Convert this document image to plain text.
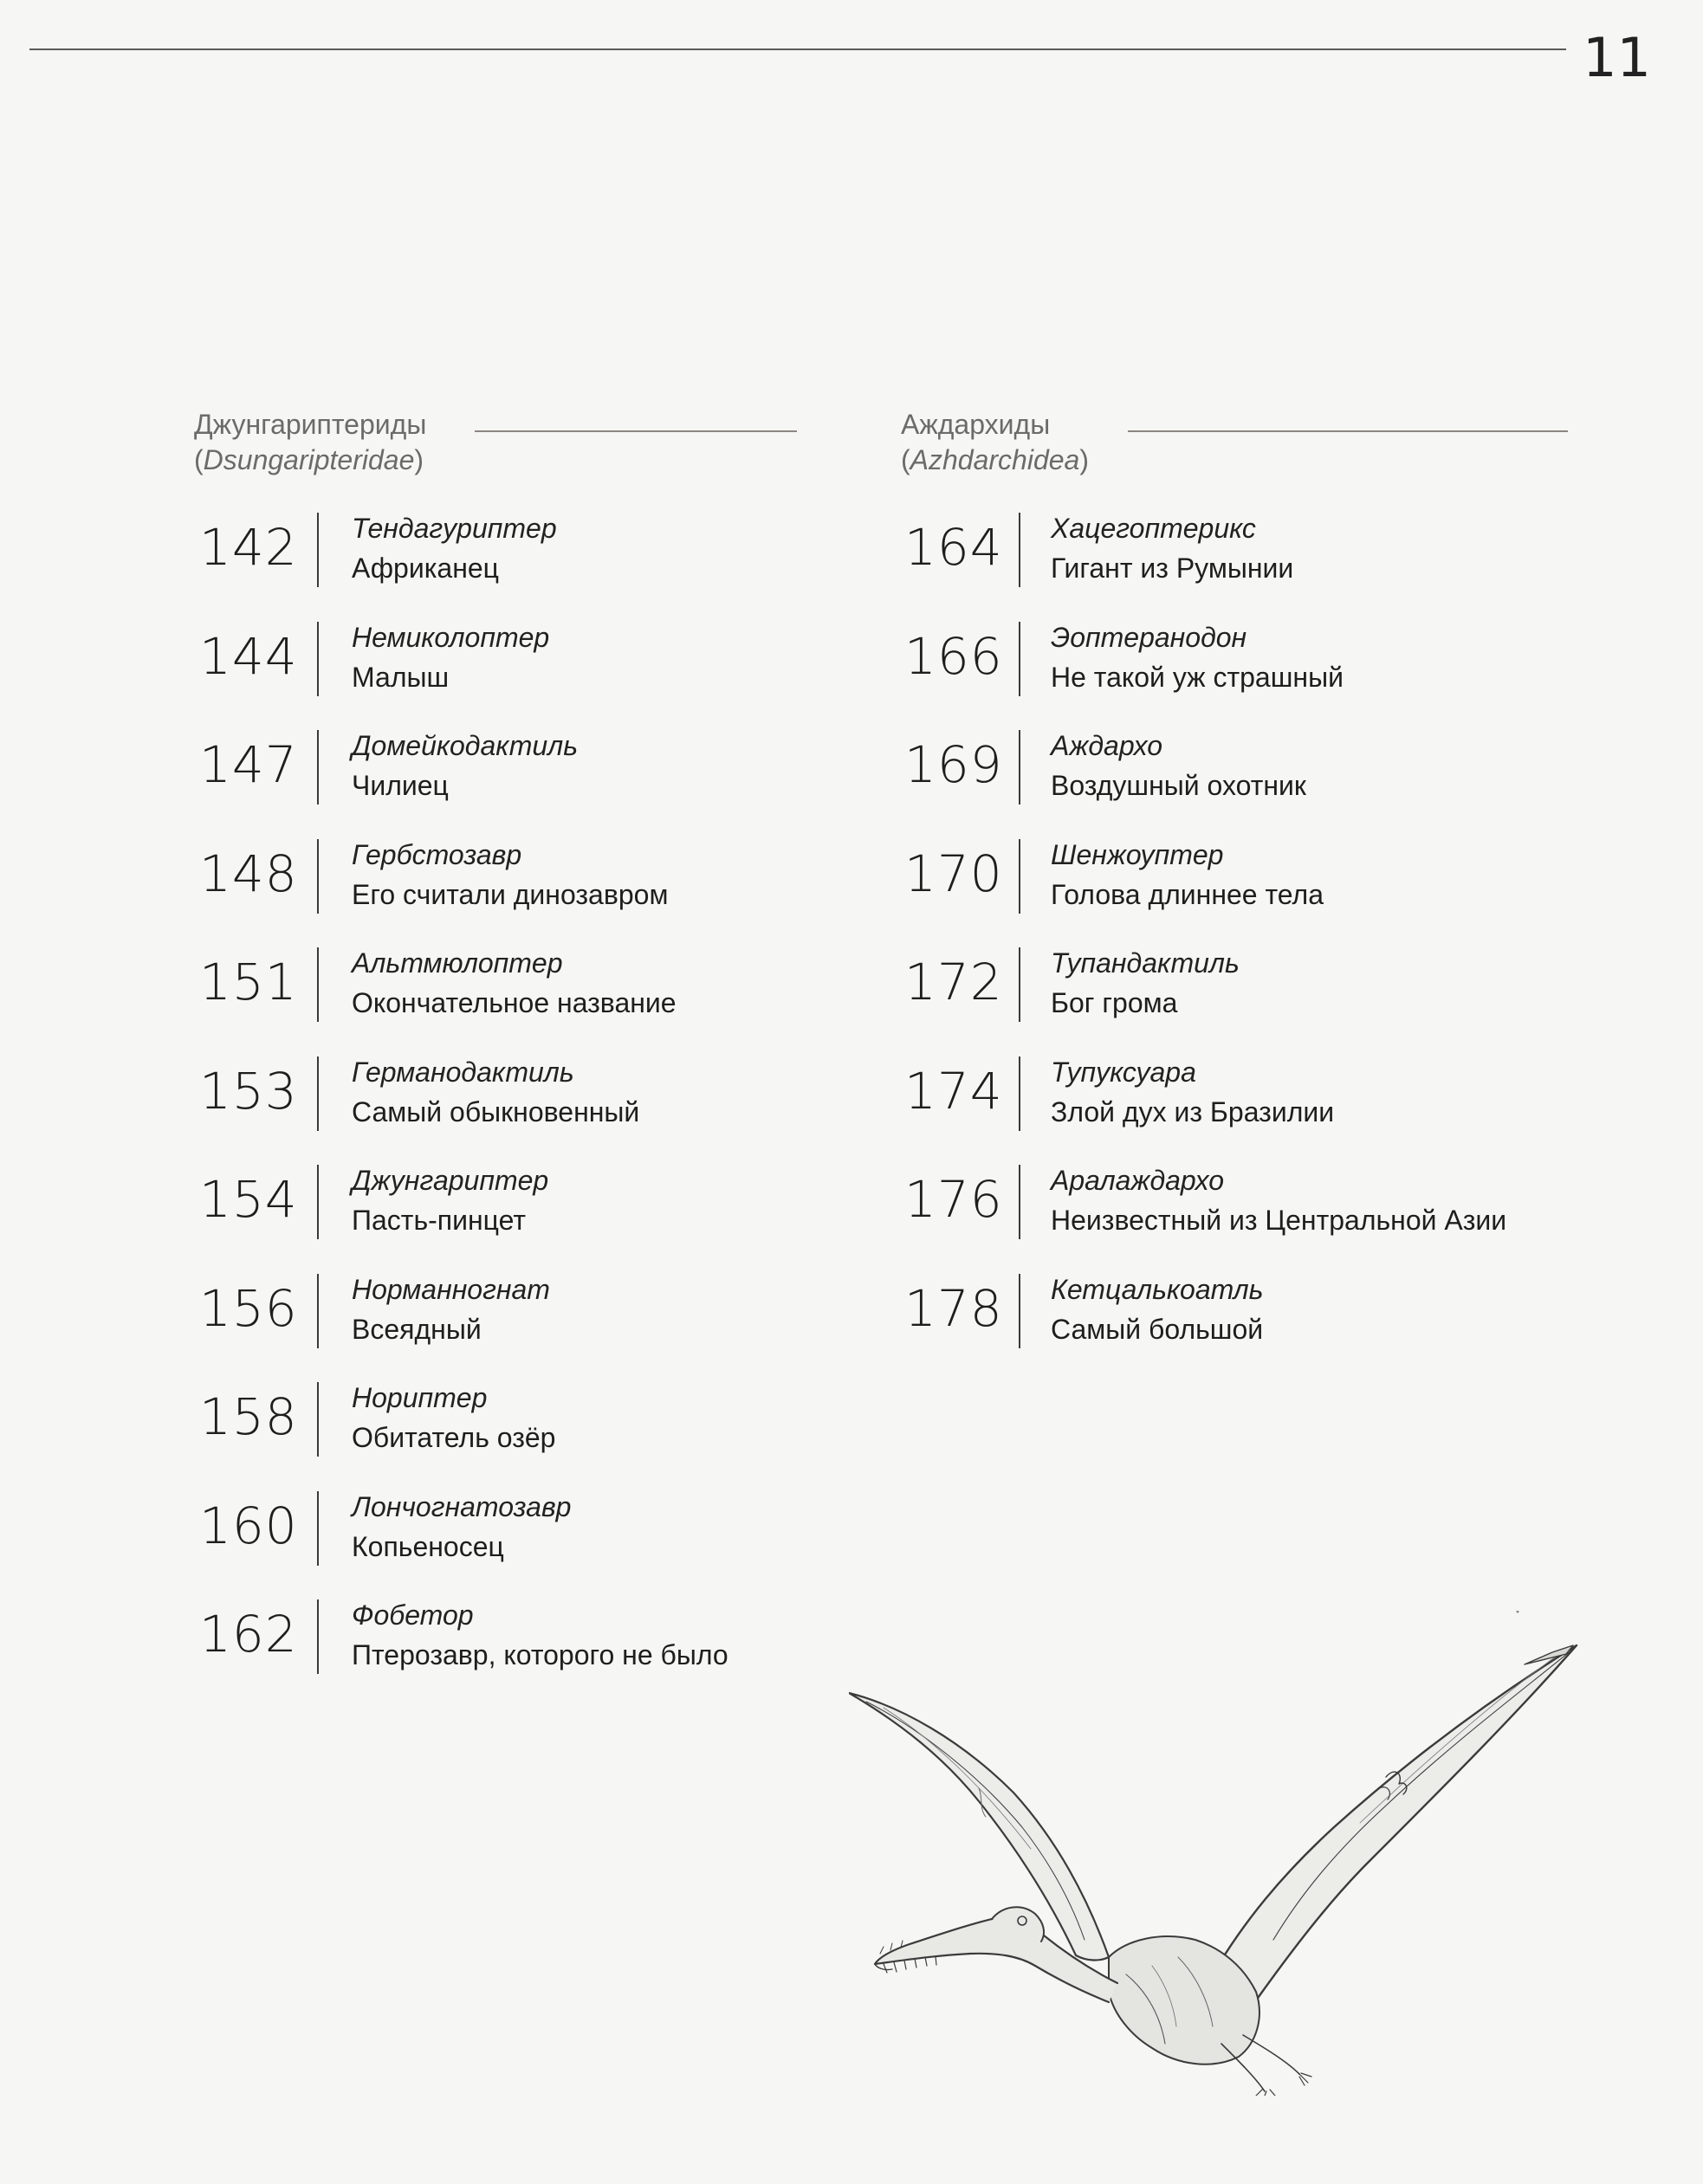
11
Джунгариптериды
(Dsungaripteridae)
142 Тендагуриптер
Африканец
144 Немиколоптер
Малыш
147 Домейкодактиль
Чилиец
148 Гербстозавр
Его считали динозавром
151 Альтмюлоптер
Окончательное название
153 Германодактиль
Самый обыкновенный
154 Джунгариптер
Пасть-пинцет
156 Норманногнат
Всеядный
158 Нориптер
Обитатель озёр
160 Лончогнатозавр
Копьеносец
162 Фобетор
Птерозавр, которого не было
Аждархиды
(Azhdarchidea)
164 Хацегоптерикс
Гигант из Румынии
166 Эоптеранодон
Не такой уж страшный
169 Аждархо
Воздушный охотник
170 Шенжоуптер
Голова длиннее тела
172 Тупандактиль
Бог грома
174 Тупуксуара
Злой дух из Бразилии
176 Аралаждархо
Неизвестный из Центральной Азии
178 Кетцалькоатль
Самый большой
